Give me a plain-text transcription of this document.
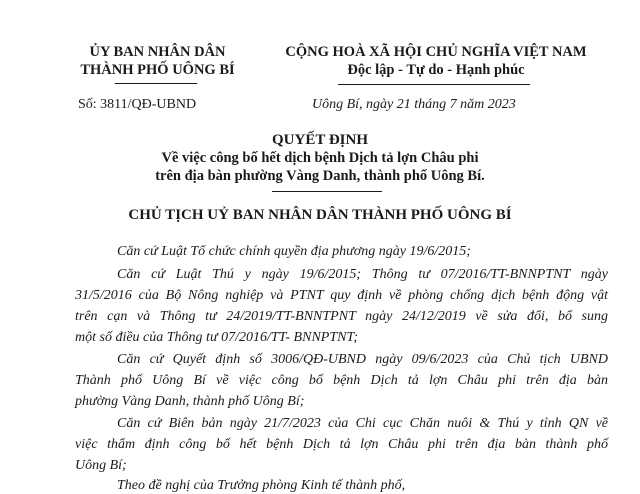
ỦY BAN NHÂN DÂN
THÀNH PHỐ UÔNG BÍ
Số: 3811/QĐ-UBND
CỘNG HOÀ XÃ HỘI CHỦ NGHĨA VIỆT NAM
Độc lập - Tự do - Hạnh phúc
Uông Bí, ngày 21 tháng 7 năm 2023
QUYẾT ĐỊNH
Về việc công bố hết dịch bệnh Dịch tả lợn Châu phi
trên địa bàn phường Vàng Danh, thành phố Uông Bí.
CHỦ TỊCH UỶ BAN NHÂN DÂN THÀNH PHỐ UÔNG BÍ
Căn cứ Luật Tổ chức chính quyền địa phương ngày 19/6/2015;
Căn cứ Luật Thú y ngày 19/6/2015; Thông tư 07/2016/TT-BNNPTNT ngày
31/5/2016 của Bộ Nông nghiệp và PTNT quy định về phòng chống dịch bệnh động vật
trên cạn và Thông tư 24/2019/TT-BNNTPNT ngày 24/12/2019 về sửa đổi, bổ sung
một số điều của Thông tư 07/2016/TT- BNNPTNT;
Căn cứ Quyết định số 3006/QĐ-UBND ngày 09/6/2023 của Chủ tịch UBND
Thành phố Uông Bí về việc công bố bệnh Dịch tả lợn Châu phi trên địa bàn
phường Vàng Danh, thành phố Uông Bí;
Căn cứ Biên bản ngày 21/7/2023 của Chi cục Chăn nuôi & Thú y tỉnh QN về
việc thẩm định công bố hết bệnh Dịch tả lợn Châu phi trên địa bàn thành phố
Uông Bí;
Theo đề nghị của Trưởng phòng Kinh tế thành phố,
